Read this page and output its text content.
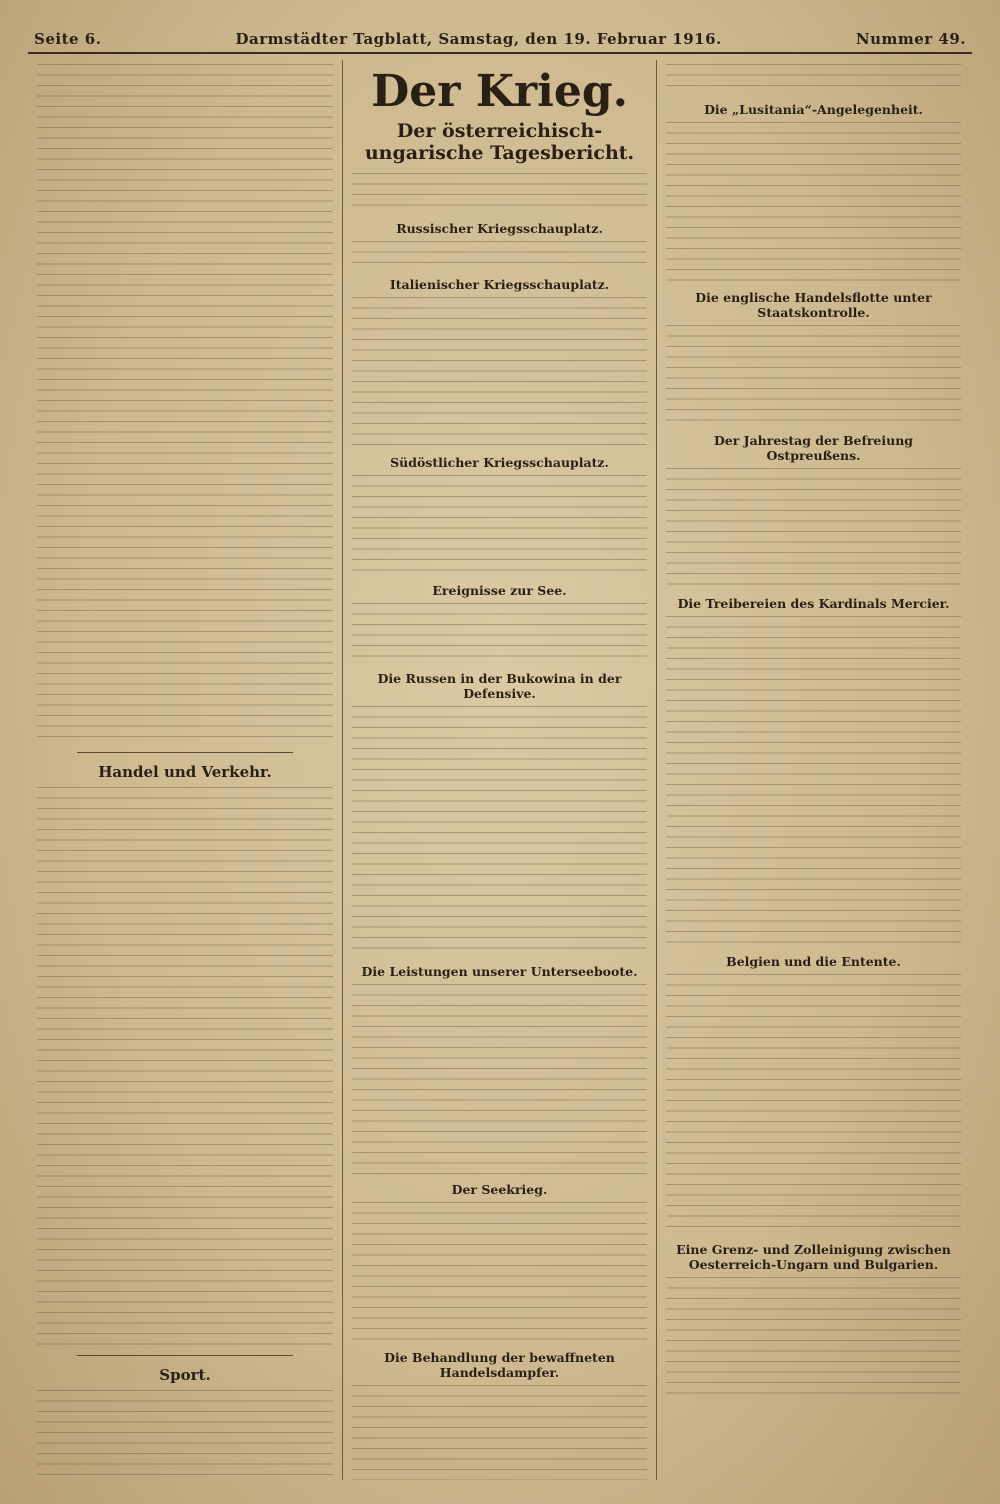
Seite 6.	Darmstädter Tagblatt, Samstag, den 19. Februar 1916.	Nummer 49.
Handel und Verkehr.
Sport.
Der Krieg.
Der österreichisch-ungarische Tagesbericht.
Russischer Kriegsschauplatz.
Italienischer Kriegsschauplatz.
Südöstlicher Kriegsschauplatz.
Ereignisse zur See.
Die Russen in der Bukowina in der Defensive.
Die Leistungen unserer Unterseeboote.
Der Seekrieg.
Die Behandlung der bewaffneten Handelsdampfer.
Die „Lusitania“-Angelegenheit.
Die englische Handelsflotte unter Staatskontrolle.
Der Jahrestag der Befreiung Ostpreußens.
Die Treibereien des Kardinals Mercier.
Belgien und die Entente.
Eine Grenz- und Zolleinigung zwischen Oesterreich-Ungarn und Bulgarien.
